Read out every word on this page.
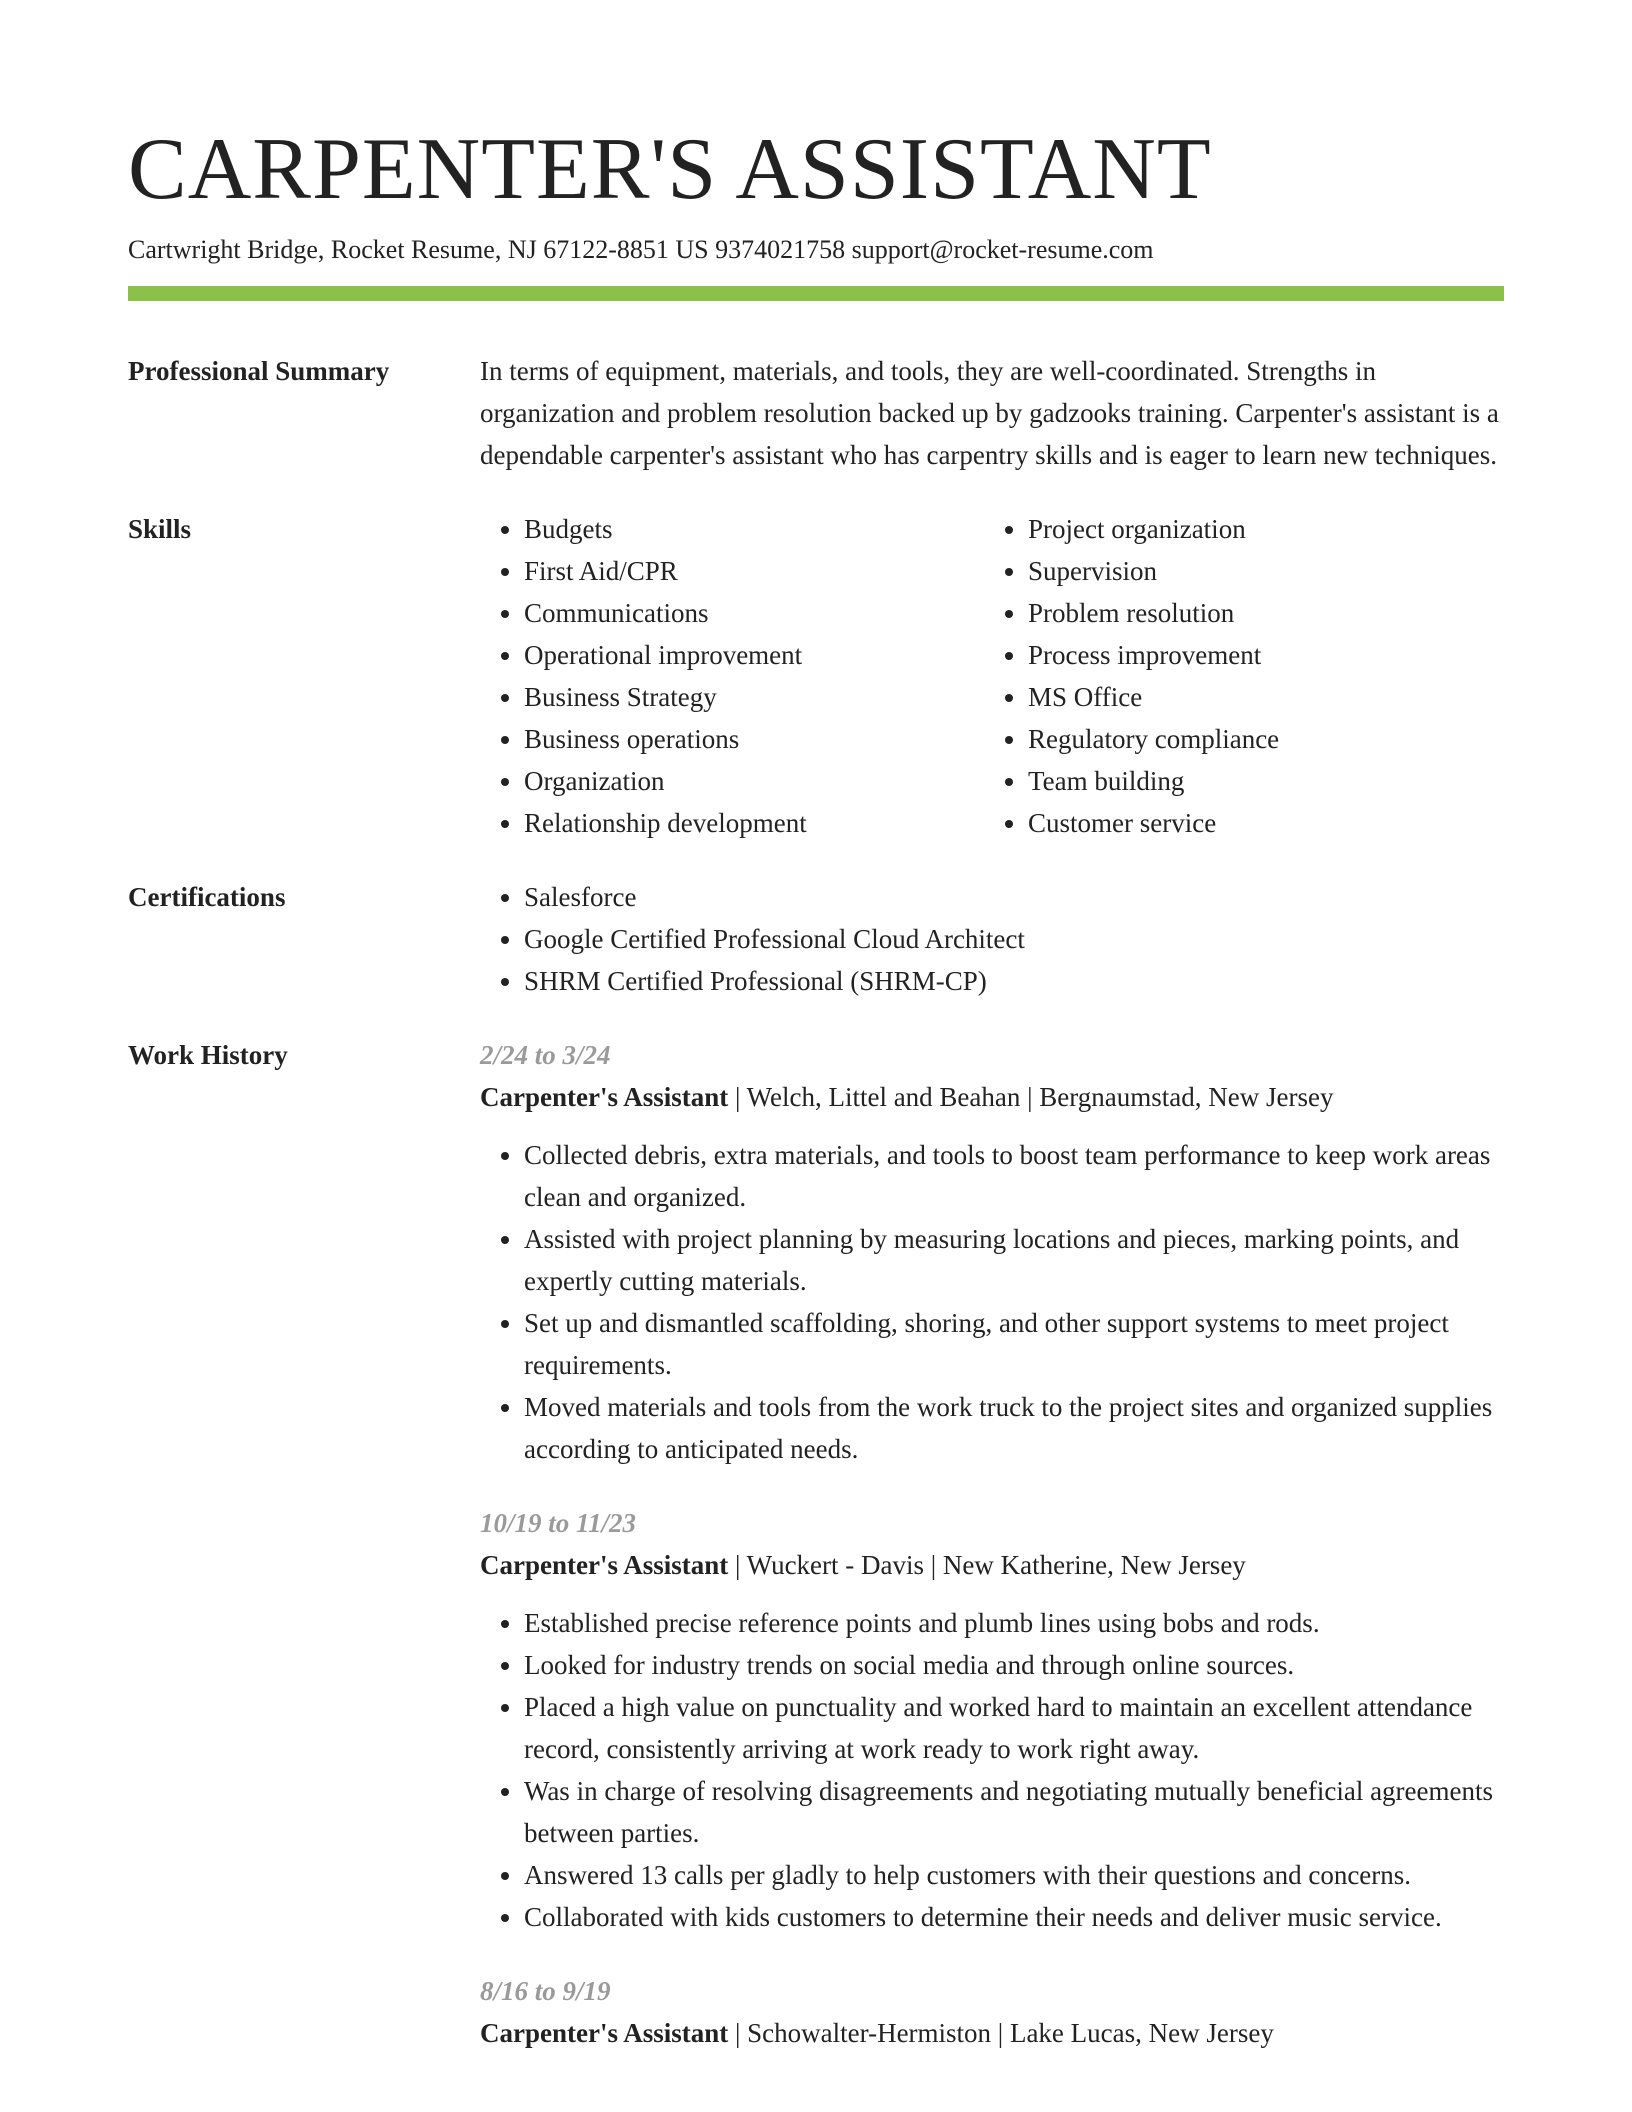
CARPENTER'S ASSISTANT
Cartwright Bridge, Rocket Resume, NJ 67122-8851 US 9374021758 support@rocket-resume.com
Professional Summary	In terms of equipment, materials, and tools, they are well-coordinated. Strengths in organization and problem resolution backed up by gadzooks training. Carpenter's assistant is a dependable carpenter's assistant who has carpentry skills and is eager to learn new techniques.

Skills	• Budgets
• First Aid/CPR
• Communications
• Operational improvement
• Business Strategy
• Business operations
• Organization
• Relationship development
• Project organization
• Supervision
• Problem resolution
• Process improvement
• MS Office
• Regulatory compliance
• Team building
• Customer service
Certifications	• Salesforce
• Google Certified Professional Cloud Architect
• SHRM Certified Professional (SHRM-CP)
Work History	2/24 to 3/24
Carpenter's Assistant | Welch, Littel and Beahan | Bergnaumstad, New Jersey
• Collected debris, extra materials, and tools to boost team performance to keep work areas clean and organized.
• Assisted with project planning by measuring locations and pieces, marking points, and expertly cutting materials.
• Set up and dismantled scaffolding, shoring, and other support systems to meet project requirements.
• Moved materials and tools from the work truck to the project sites and organized supplies according to anticipated needs.
10/19 to 11/23
Carpenter's Assistant | Wuckert - Davis | New Katherine, New Jersey
• Established precise reference points and plumb lines using bobs and rods.
• Looked for industry trends on social media and through online sources.
• Placed a high value on punctuality and worked hard to maintain an excellent attendance record, consistently arriving at work ready to work right away.
• Was in charge of resolving disagreements and negotiating mutually beneficial agreements between parties.
• Answered 13 calls per gladly to help customers with their questions and concerns.
• Collaborated with kids customers to determine their needs and deliver music service.
8/16 to 9/19
Carpenter's Assistant | Schowalter-Hermiston | Lake Lucas, New Jersey
